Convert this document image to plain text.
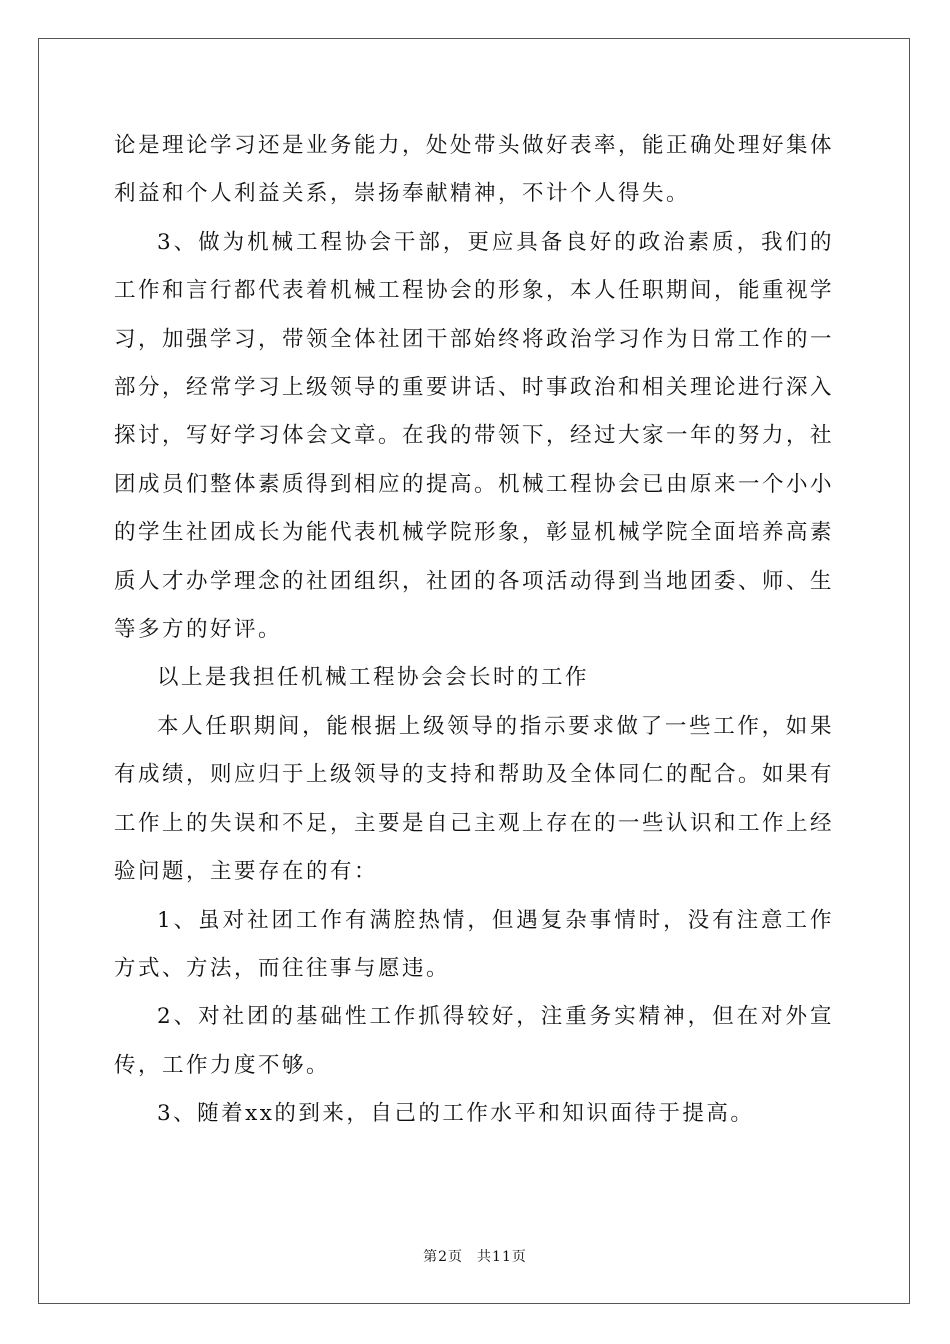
论是理论学习还是业务能力，处处带头做好表率，能正确处理好集体利益和个人利益关系，崇扬奉献精神，不计个人得失。

3、做为机械工程协会干部，更应具备良好的政治素质，我们的工作和言行都代表着机械工程协会的形象，本人任职期间，能重视学习，加强学习，带领全体社团干部始终将政治学习作为日常工作的一部分，经常学习上级领导的重要讲话、时事政治和相关理论进行深入探讨，写好学习体会文章。在我的带领下，经过大家一年的努力，社团成员们整体素质得到相应的提高。机械工程协会已由原来一个小小的学生社团成长为能代表机械学院形象，彰显机械学院全面培养高素质人才办学理念的社团组织，社团的各项活动得到当地团委、师、生等多方的好评。

以上是我担任机械工程协会会长时的工作

本人任职期间，能根据上级领导的指示要求做了一些工作，如果有成绩，则应归于上级领导的支持和帮助及全体同仁的配合。如果有工作上的失误和不足，主要是自己主观上存在的一些认识和工作上经验问题，主要存在的有：

1、虽对社团工作有满腔热情，但遇复杂事情时，没有注意工作方式、方法，而往往事与愿违。

2、对社团的基础性工作抓得较好，注重务实精神，但在对外宣传，工作力度不够。

3、随着xx的到来，自己的工作水平和知识面待于提高。

第2页 共11页
